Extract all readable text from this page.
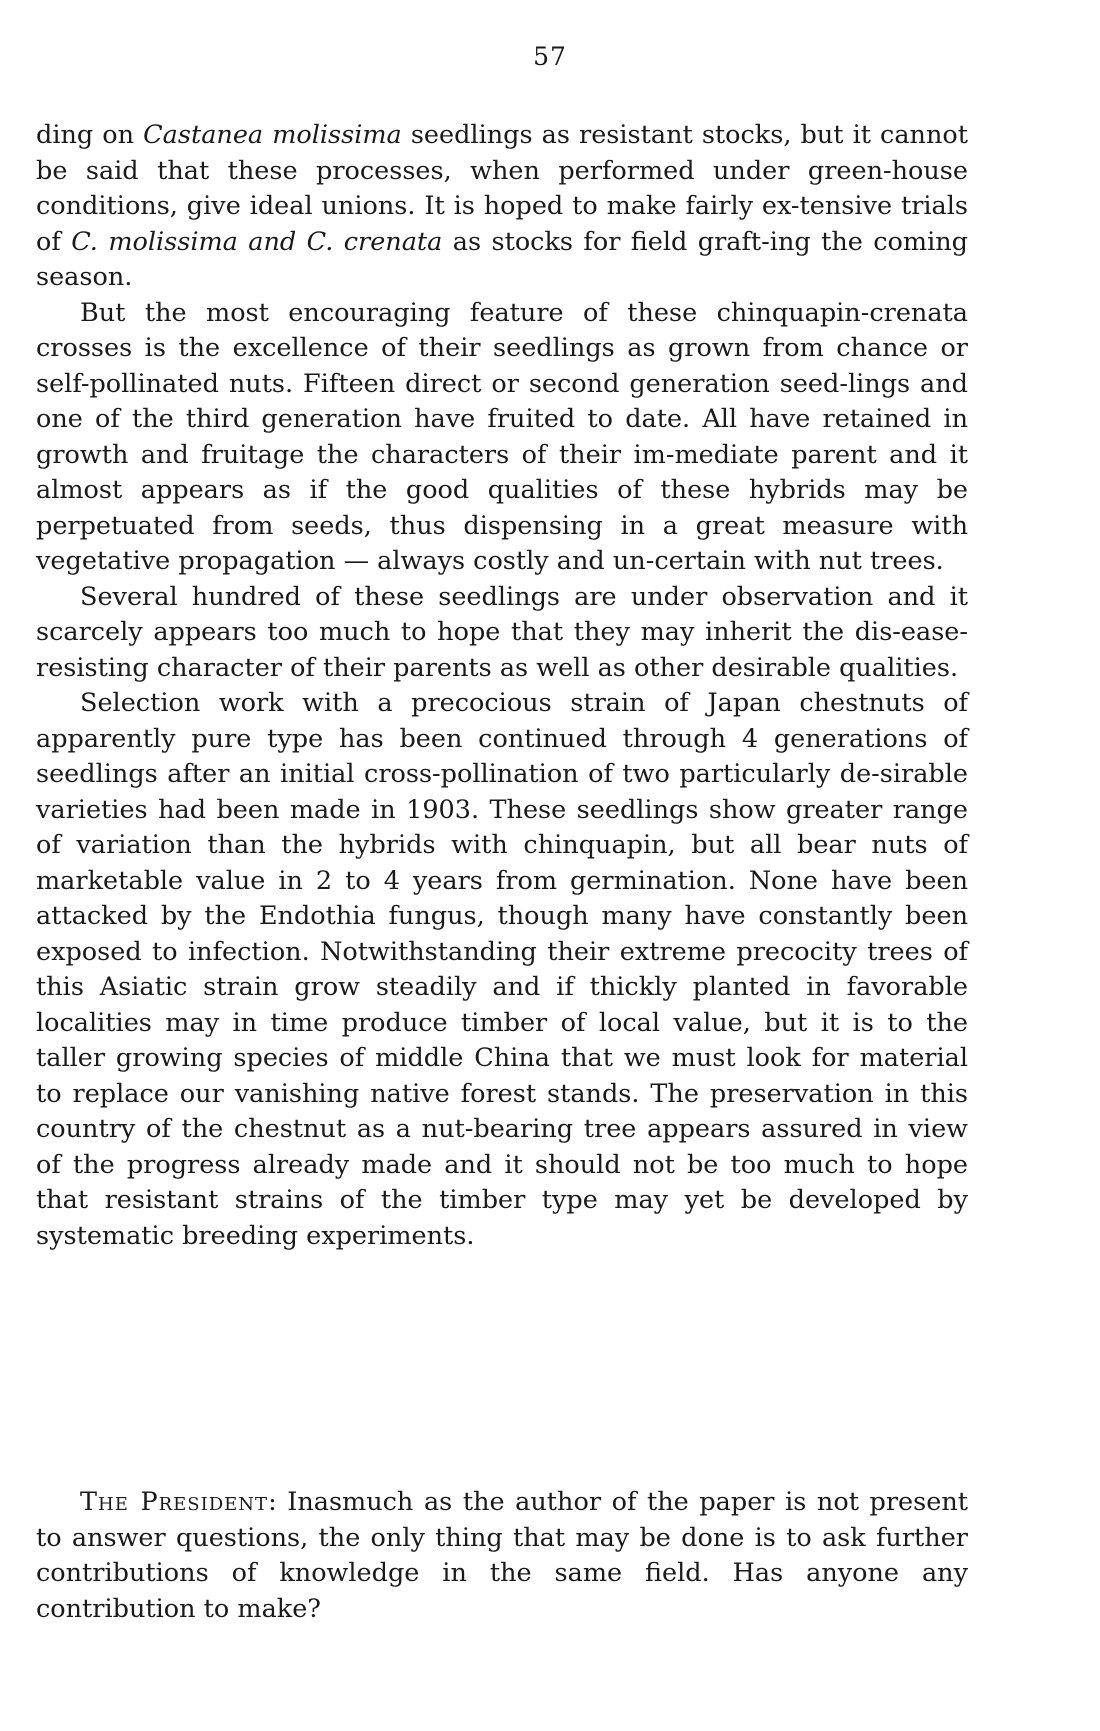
57

ding on Castanea molissima seedlings as resistant stocks, but it cannot be said that these processes, when performed under green-house conditions, give ideal unions. It is hoped to make fairly ex-tensive trials of C. molissima and C. crenata as stocks for field graft-ing the coming season.

But the most encouraging feature of these chinquapin-crenata crosses is the excellence of their seedlings as grown from chance or self-pollinated nuts. Fifteen direct or second generation seed-lings and one of the third generation have fruited to date. All have retained in growth and fruitage the characters of their im-mediate parent and it almost appears as if the good qualities of these hybrids may be perpetuated from seeds, thus dispensing in a great measure with vegetative propagation — always costly and un-certain with nut trees.

Several hundred of these seedlings are under observation and it scarcely appears too much to hope that they may inherit the dis-ease-resisting character of their parents as well as other desirable qualities.

Selection work with a precocious strain of Japan chestnuts of apparently pure type has been continued through 4 generations of seedlings after an initial cross-pollination of two particularly de-sirable varieties had been made in 1903. These seedlings show greater range of variation than the hybrids with chinquapin, but all bear nuts of marketable value in 2 to 4 years from germination. None have been attacked by the Endothia fungus, though many have constantly been exposed to infection. Notwithstanding their extreme precocity trees of this Asiatic strain grow steadily and if thickly planted in favorable localities may in time produce timber of local value, but it is to the taller growing species of middle China that we must look for material to replace our vanishing native forest stands. The preservation in this country of the chestnut as a nut-bearing tree appears assured in view of the progress already made and it should not be too much to hope that resistant strains of the timber type may yet be developed by systematic breeding experiments.

The President: Inasmuch as the author of the paper is not present to answer questions, the only thing that may be done is to ask further contributions of knowledge in the same field. Has anyone any contribution to make?
